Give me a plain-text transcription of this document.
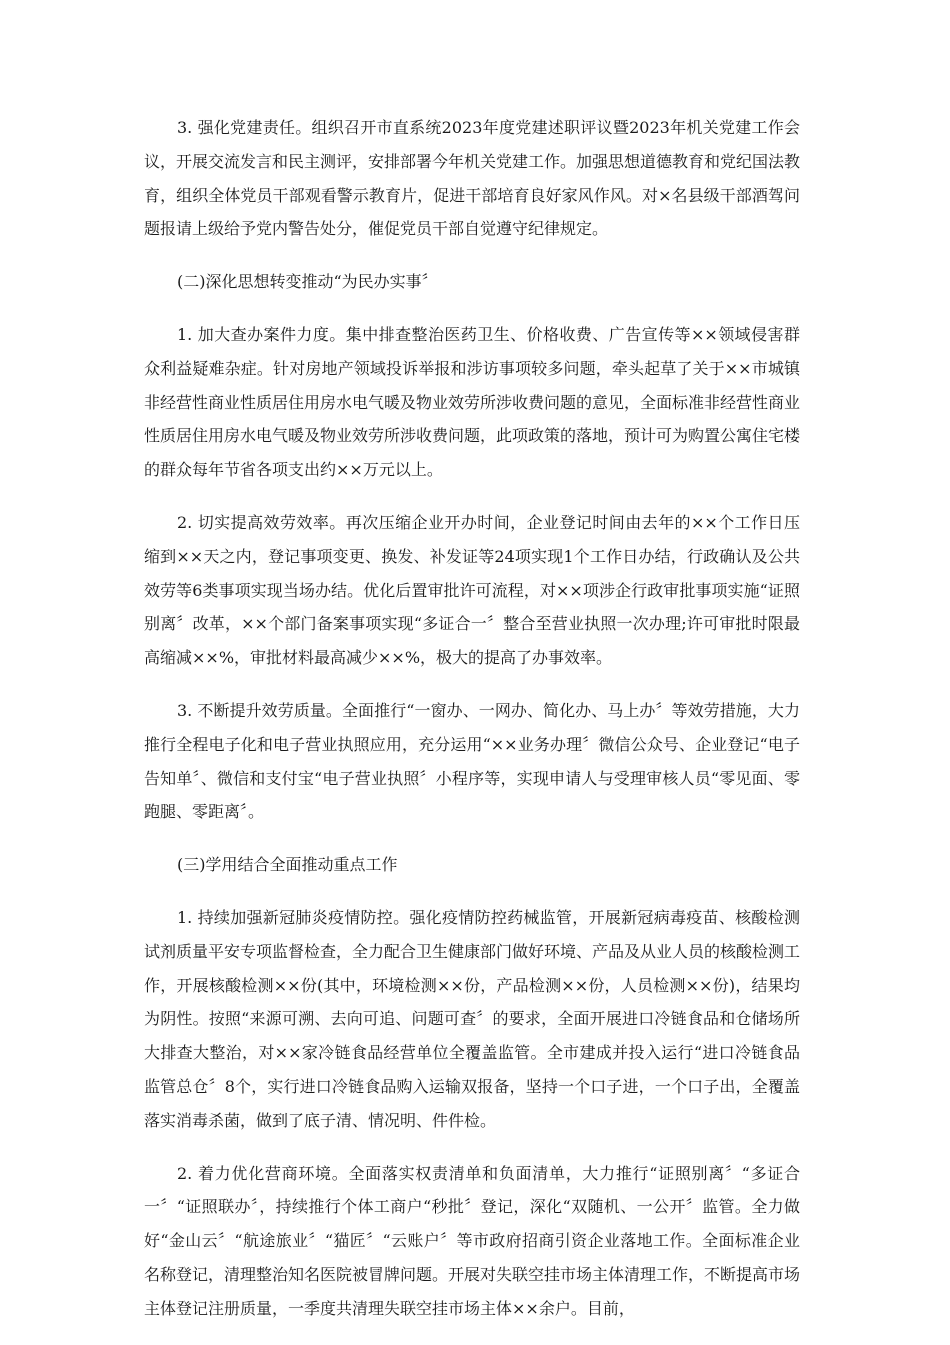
3. 强化党建责任。组织召开市直系统2023年度党建述职评议暨2023年机关党建工作会议，开展交流发言和民主测评，安排部署今年机关党建工作。加强思想道德教育和党纪国法教育，组织全体党员干部观看警示教育片，促进干部培育良好家风作风。对×名县级干部酒驾问题报请上级给予党内警告处分，催促党员干部自觉遵守纪律规定。

(二)深化思想转变推动“为民办实事〞

1. 加大查办案件力度。集中排查整治医药卫生、价格收费、广告宣传等××领域侵害群众利益疑难杂症。针对房地产领域投诉举报和涉访事项较多问题，牵头起草了关于××市城镇非经营性商业性质居住用房水电气暖及物业效劳所涉收费问题的意见，全面标准非经营性商业性质居住用房水电气暖及物业效劳所涉收费问题，此项政策的落地，预计可为购置公寓住宅楼的群众每年节省各项支出约××万元以上。

2. 切实提高效劳效率。再次压缩企业开办时间，企业登记时间由去年的××个工作日压缩到××天之内，登记事项变更、换发、补发证等24项实现1个工作日办结，行政确认及公共效劳等6类事项实现当场办结。优化后置审批许可流程，对××项涉企行政审批事项实施“证照别离〞改革，××个部门备案事项实现“多证合一〞整合至营业执照一次办理;许可审批时限最高缩减××%，审批材料最高减少××%，极大的提高了办事效率。

3. 不断提升效劳质量。全面推行“一窗办、一网办、简化办、马上办〞等效劳措施，大力推行全程电子化和电子营业执照应用，充分运用“××业务办理〞微信公众号、企业登记“电子告知单〞、微信和支付宝“电子营业执照〞小程序等，实现申请人与受理审核人员“零见面、零跑腿、零距离〞。

(三)学用结合全面推动重点工作

1. 持续加强新冠肺炎疫情防控。强化疫情防控药械监管，开展新冠病毒疫苗、核酸检测试剂质量平安专项监督检查，全力配合卫生健康部门做好环境、产品及从业人员的核酸检测工作，开展核酸检测××份(其中，环境检测××份，产品检测××份，人员检测××份)，结果均为阴性。按照“来源可溯、去向可追、问题可查〞的要求，全面开展进口冷链食品和仓储场所大排查大整治，对××家冷链食品经营单位全覆盖监管。全市建成并投入运行“进口冷链食品监管总仓〞8个，实行进口冷链食品购入运输双报备，坚持一个口子进，一个口子出，全覆盖落实消毒杀菌，做到了底子清、情况明、件件检。

2. 着力优化营商环境。全面落实权责清单和负面清单，大力推行“证照别离〞“多证合一〞“证照联办〞，持续推行个体工商户“秒批〞登记，深化“双随机、一公开〞监管。全力做好“金山云〞“航途旅业〞“猫匠〞“云账户〞等市政府招商引资企业落地工作。全面标准企业名称登记，清理整治知名医院被冒牌问题。开展对失联空挂市场主体清理工作，不断提高市场主体登记注册质量，一季度共清理失联空挂市场主体××余户。目前，
